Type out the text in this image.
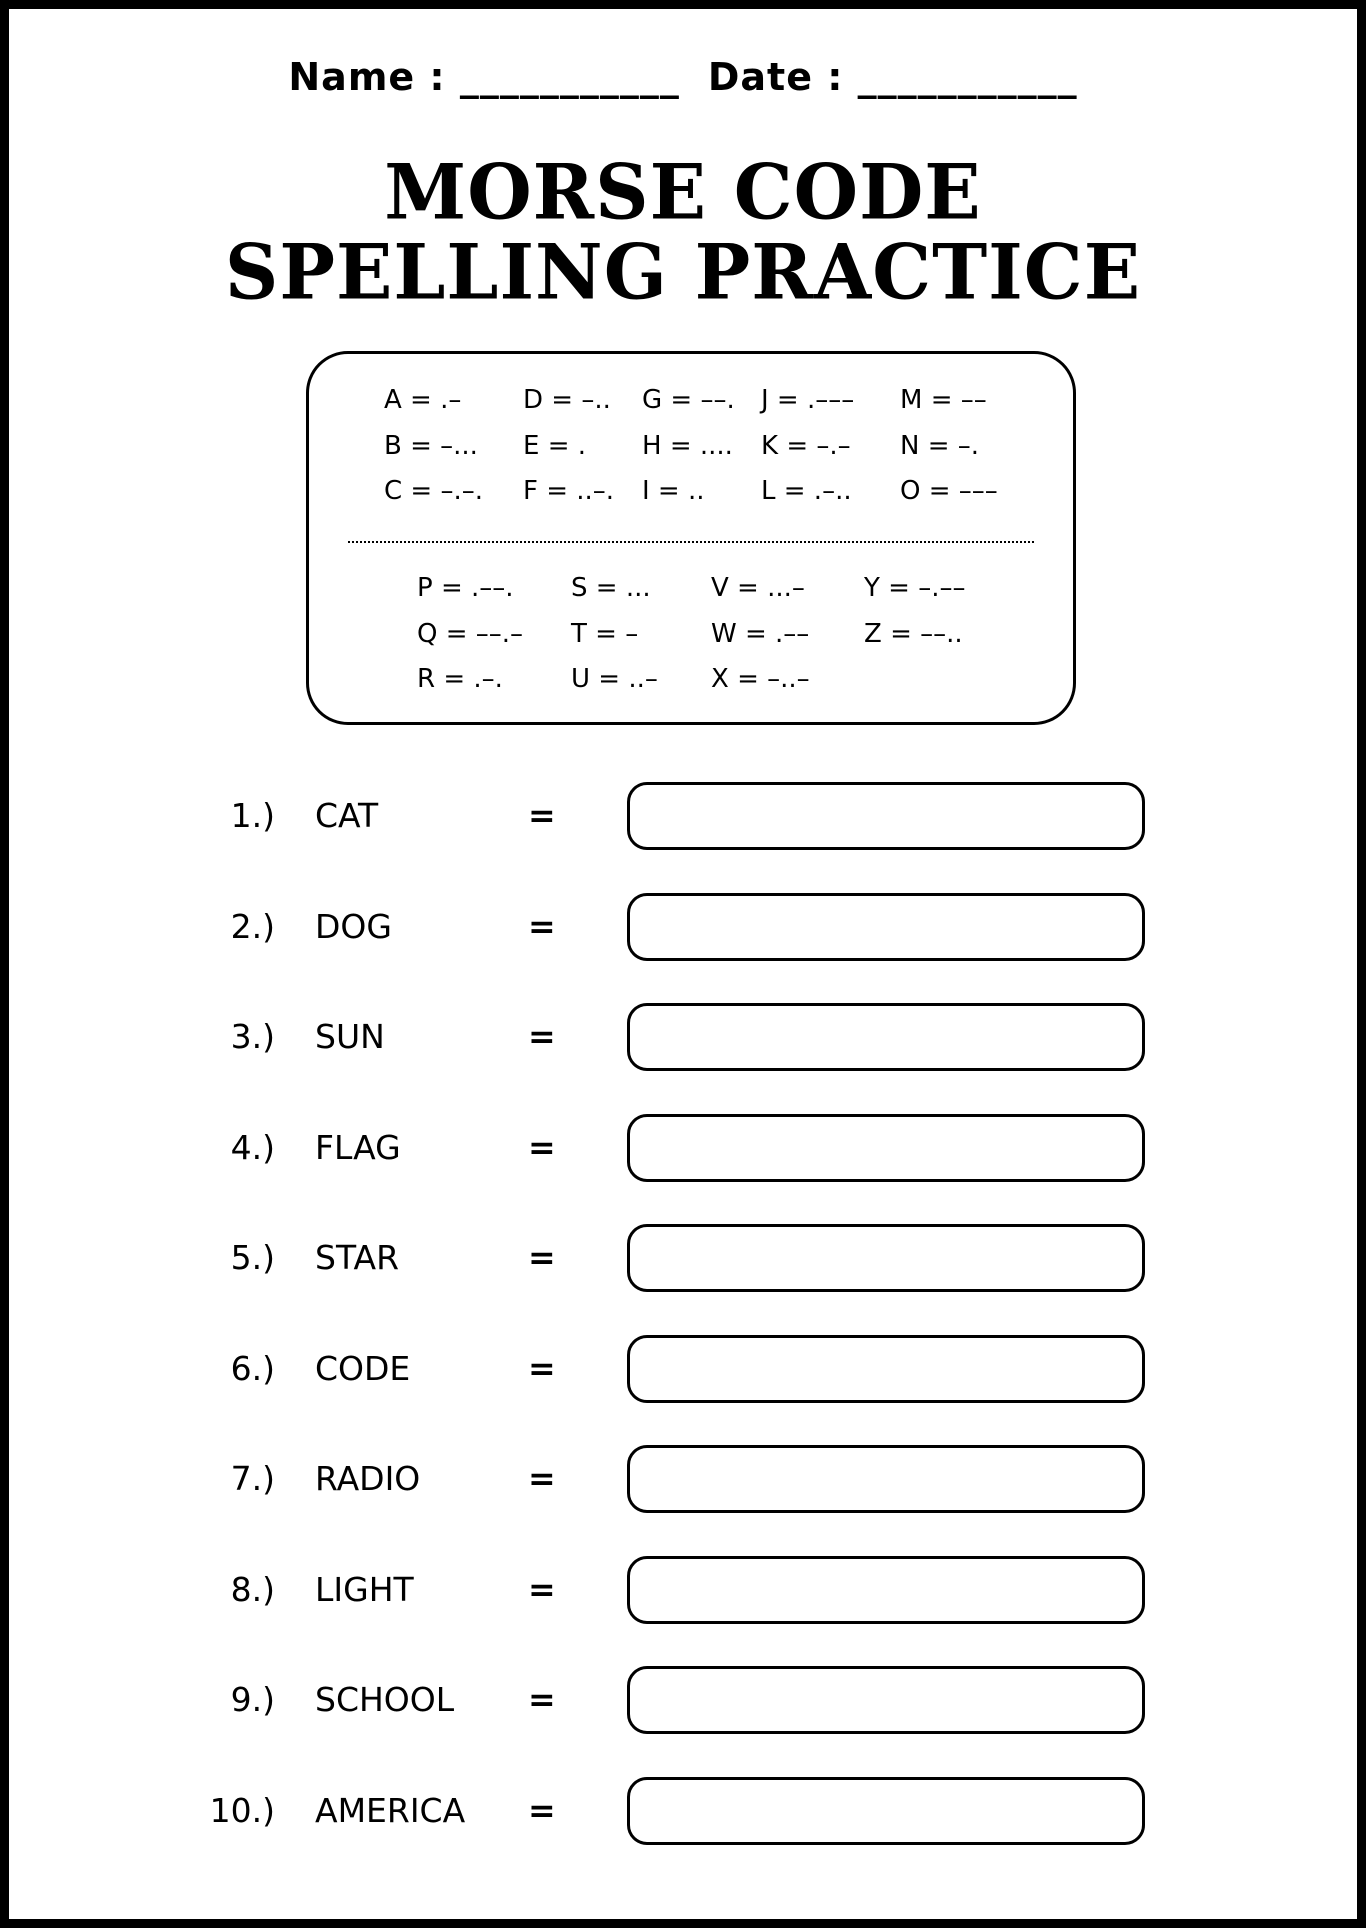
Name : ___________ Date : ___________
MORSE CODE
SPELLING PRACTICE
A = .– D = –.. G = ––. J = .––– M = ––
B = –... E = . H = .... K = –.– N = –.
C = –.–. F = ..–. I = .. L = .–.. O = –––
P = .––. S = ... V = ...– Y = –.––
Q = ––.– T = –	W = .–– Z = ––..
R = .–.	U = ..– X = –..–
1.) CAT	=
2.) DOG	=
3.) SUN	=
4.) FLAG	=
5.) STAR	=
6.) CODE	=
7.) RADIO	=
8.) LIGHT	=
9.) SCHOOL =
10.) AMERICA =
